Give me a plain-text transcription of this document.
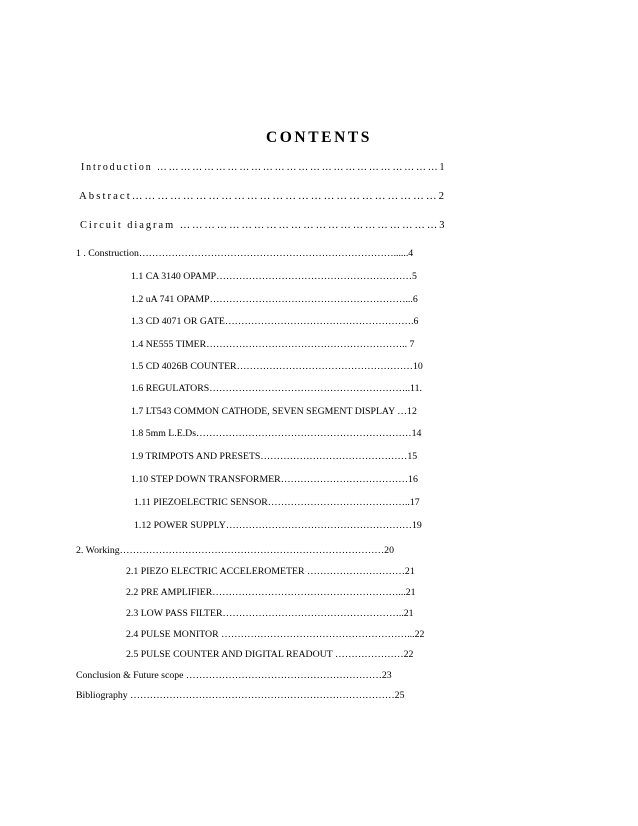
CONTENTS
Introduction ………………………………………………………………1
Abstract………………………………………………………………2
Circuit diagram ………………………………………………………3
1 . Construction……………………………………………………………………......4
1.1 CA 3140 OPAMP……………………………………………………5
1.2 uA 741 OPAMP……………………………………………………...6
1.3 CD 4071 OR GATE………………………………………………….6
1.4 NE555 TIMER…………………………………………………….. 7
1.5 CD 4026B COUNTER………………………………………………10
1.6 REGULATORS……………………………………………………..11.
1.7 LT543 COMMON CATHODE, SEVEN SEGMENT DISPLAY …12
1.8 5mm L.E.Ds…………………………………………………………14
1.9 TRIMPOTS AND PRESETS………………………………………15
1.10 STEP DOWN TRANSFORMER…………………………………16
1.11 PIEZOELECTRIC SENSOR……………………………………..17
1.12 POWER SUPPLY…………………………………………………19
2. Working………………………………………………………………………20
2.1 PIEZO ELECTRIC ACCELEROMETER …………………………21
2.2 PRE AMPLIFIER…………………………………………………...21
2.3 LOW PASS FILTER………………………………………………..21
2.4 PULSE MONITOR …………………………………………………...22
2.5 PULSE COUNTER AND DIGITAL READOUT …………………22
Conclusion & Future scope ……………………………………………………23
Bibliography ………………………………………………………………………25
